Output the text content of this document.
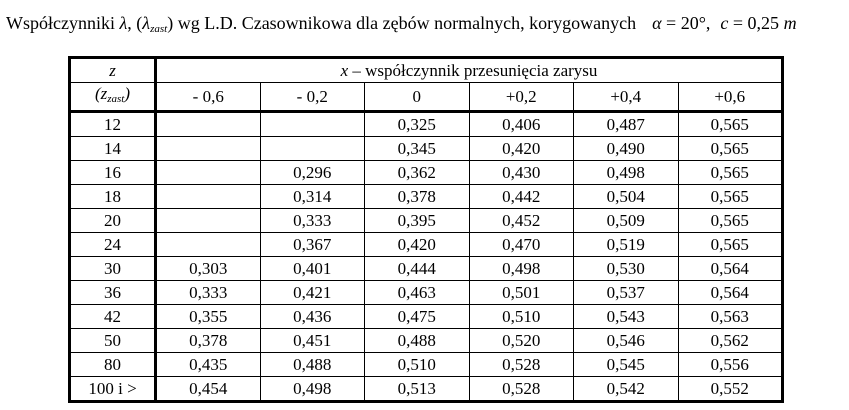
Współczynniki λ, $(\lambda_{zast})$ wg L.D. Czasownikowa dla zębów normalnych, korygowanych α = 20°, c = 0,25 m
z	x – współczynnik przesunięcia zarysu					
(zzast)	- 0,6	- 0,2	0	+0,2	+0,4	+0,6
12			0,325	0,406	0,487	0,565
14			0,345	0,420	0,490	0,565
16		0,296	0,362	0,430	0,498	0,565
18		0,314	0,378	0,442	0,504	0,565
20		0,333	0,395	0,452	0,509	0,565
24		0,367	0,420	0,470	0,519	0,565
30	0,303	0,401	0,444	0,498	0,530	0,564
36	0,333	0,421	0,463	0,501	0,537	0,564
42	0,355	0,436	0,475	0,510	0,543	0,563
50	0,378	0,451	0,488	0,520	0,546	0,562
80	0,435	0,488	0,510	0,528	0,545	0,556
100 i >	0,454	0,498	0,513	0,528	0,542	0,552
